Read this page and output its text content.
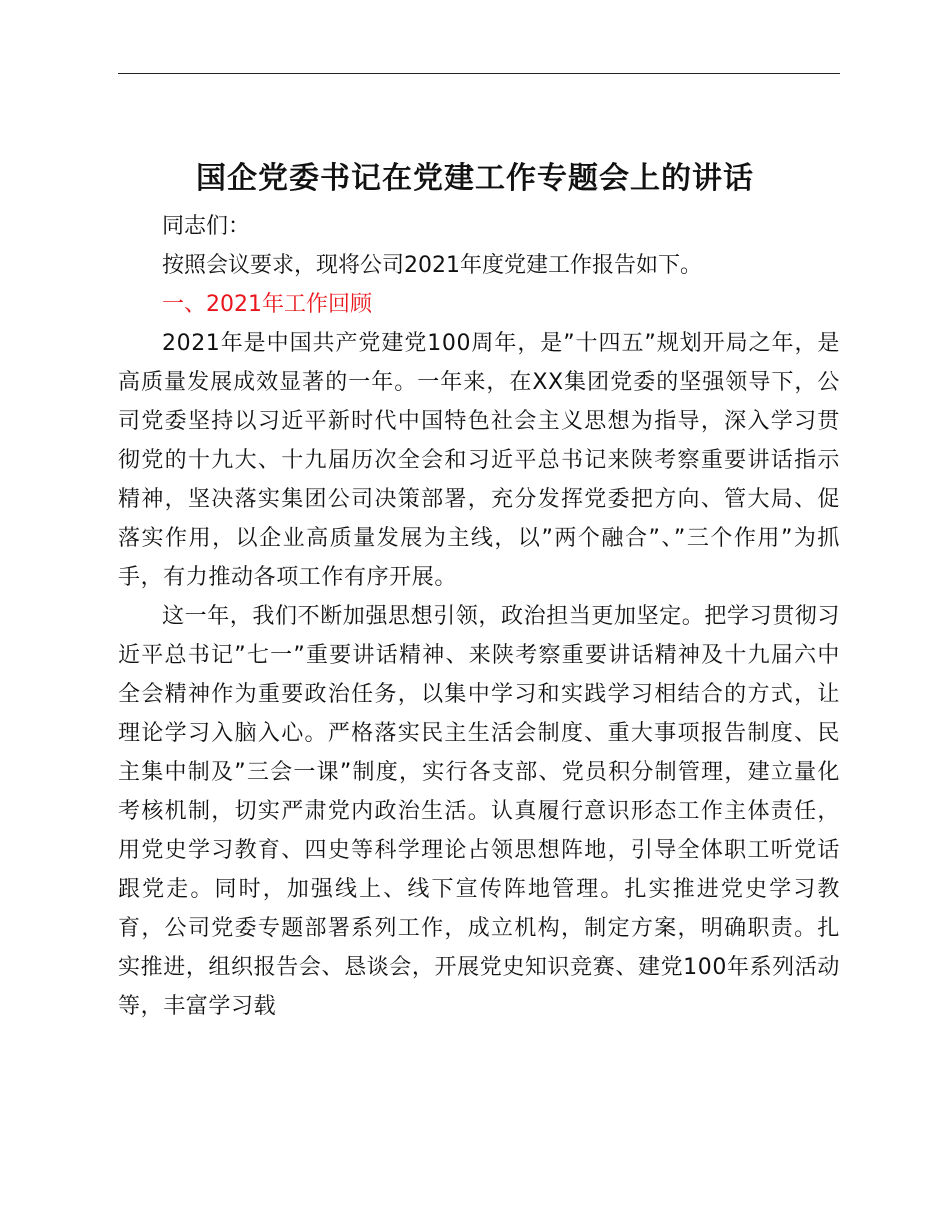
国企党委书记在党建工作专题会上的讲话

同志们：

按照会议要求，现将公司2021年度党建工作报告如下。

一、2021年工作回顾

2021年是中国共产党建党100周年，是”十四五”规划开局之年，是高质量发展成效显著的一年。一年来，在XX集团党委的坚强领导下，公司党委坚持以习近平新时代中国特色社会主义思想为指导，深入学习贯彻党的十九大、十九届历次全会和习近平总书记来陕考察重要讲话指示精神，坚决落实集团公司决策部署，充分发挥党委把方向、管大局、促落实作用，以企业高质量发展为主线，以”两个融合”、”三个作用”为抓手，有力推动各项工作有序开展。

这一年，我们不断加强思想引领，政治担当更加坚定。把学习贯彻习近平总书记”七一”重要讲话精神、来陕考察重要讲话精神及十九届六中全会精神作为重要政治任务，以集中学习和实践学习相结合的方式，让理论学习入脑入心。严格落实民主生活会制度、重大事项报告制度、民主集中制及”三会一课”制度，实行各支部、党员积分制管理，建立量化考核机制，切实严肃党内政治生活。认真履行意识形态工作主体责任，用党史学习教育、四史等科学理论占领思想阵地，引导全体职工听党话跟党走。同时，加强线上、线下宣传阵地管理。扎实推进党史学习教育，公司党委专题部署系列工作，成立机构，制定方案，明确职责。扎实推进，组织报告会、恳谈会，开展党史知识竞赛、建党100年系列活动等，丰富学习载
